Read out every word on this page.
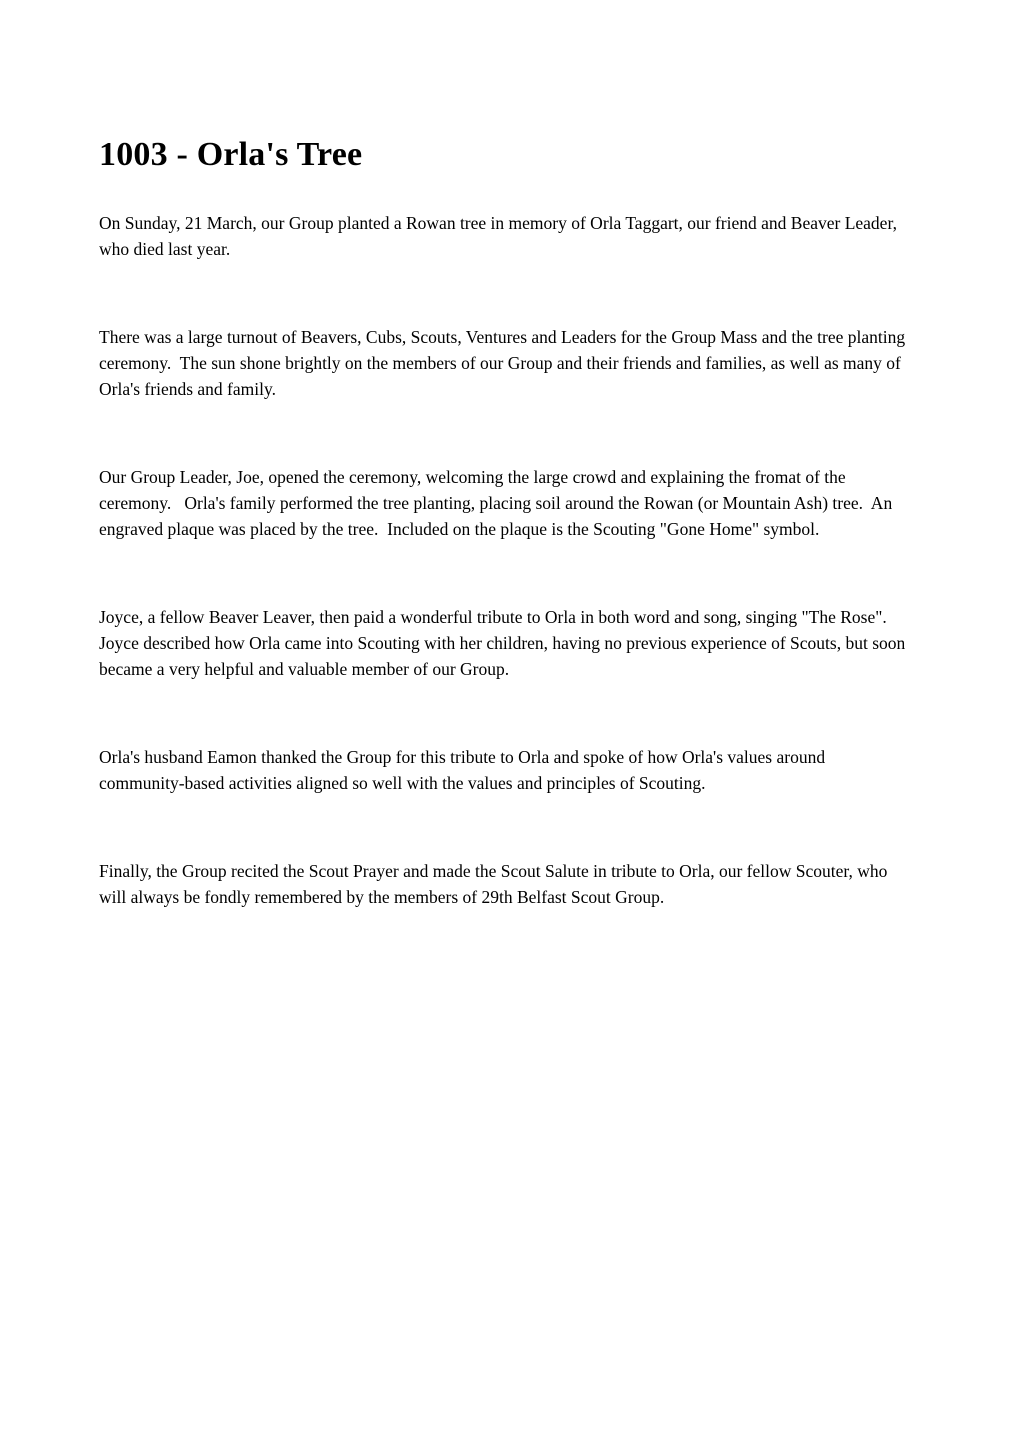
1003 - Orla's Tree

On Sunday, 21 March, our Group planted a Rowan tree in memory of Orla Taggart, our friend and Beaver Leader, who died last year.

There was a large turnout of Beavers, Cubs, Scouts, Ventures and Leaders for the Group Mass and the tree planting ceremony.  The sun shone brightly on the members of our Group and their friends and families, as well as many of Orla's friends and family.

Our Group Leader, Joe, opened the ceremony, welcoming the large crowd and explaining the fromat of the ceremony.   Orla's family performed the tree planting, placing soil around the Rowan (or Mountain Ash) tree.  An engraved plaque was placed by the tree.  Included on the plaque is the Scouting "Gone Home" symbol.

Joyce, a fellow Beaver Leaver, then paid a wonderful tribute to Orla in both word and song, singing "The Rose".  Joyce described how Orla came into Scouting with her children, having no previous experience of Scouts, but soon became a very helpful and valuable member of our Group.

Orla's husband Eamon thanked the Group for this tribute to Orla and spoke of how Orla's values around community-based activities aligned so well with the values and principles of Scouting.

Finally, the Group recited the Scout Prayer and made the Scout Salute in tribute to Orla, our fellow Scouter, who will always be fondly remembered by the members of 29th Belfast Scout Group.
